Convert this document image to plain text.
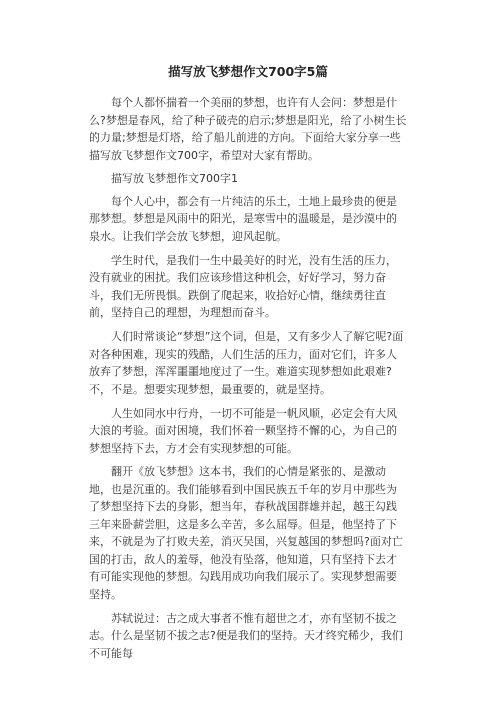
描写放飞梦想作文700字5篇

每个人都怀揣着一个美丽的梦想，也许有人会问：梦想是什么?梦想是春风，给了种子破壳的启示;梦想是阳光，给了小树生长的力量;梦想是灯塔，给了船儿前进的方向。下面给大家分享一些描写放飞梦想作文700字，希望对大家有帮助。

描写放飞梦想作文700字1

每个人心中，都会有一片纯洁的乐土，土地上最珍贵的便是那梦想。梦想是风雨中的阳光，是寒雪中的温暖是，是沙漠中的泉水。让我们学会放飞梦想，迎风起航。

学生时代，是我们一生中最美好的时光，没有生活的压力，没有就业的困扰。我们应该珍惜这种机会，好好学习，努力奋斗，我们无所畏惧。跌倒了爬起来，收拾好心情，继续勇往直前，坚持自己的理想，为理想而奋斗。

人们时常谈论“梦想”这个词，但是，又有多少人了解它呢?面对各种困难，现实的残酷，人们生活的压力，面对它们，许多人放弃了梦想，浑浑噩噩地度过了一生。难道实现梦想如此艰难?不，不是。想要实现梦想，最重要的，就是坚持。

人生如同水中行舟，一切不可能是一帆风顺，必定会有大风大浪的考验。面对困境，我们怀着一颗坚持不懈的心，为自己的梦想坚持下去，方才会有实现梦想的可能。

翻开《放飞梦想》这本书，我们的心情是紧张的、是激动地，也是沉重的。我们能够看到中国民族五千年的岁月中那些为了梦想坚持下去的身影，想当年，春秋战国群雄并起，越王勾践三年来卧薪尝胆，这是多么辛苦，多么屈辱。但是，他坚持了下来，不就是为了打败夫差，消灭吴国，兴复越国的梦想吗?面对亡国的打击，敌人的羞辱，他没有坠落，他知道，只有坚持下去才有可能实现他的梦想。勾践用成功向我们展示了。实现梦想需要坚持。

苏轼说过：古之成大事者不惟有超世之才，亦有坚韧不拔之志。什么是坚韧不拔之志?便是我们的坚持。天才终究稀少，我们不可能每
